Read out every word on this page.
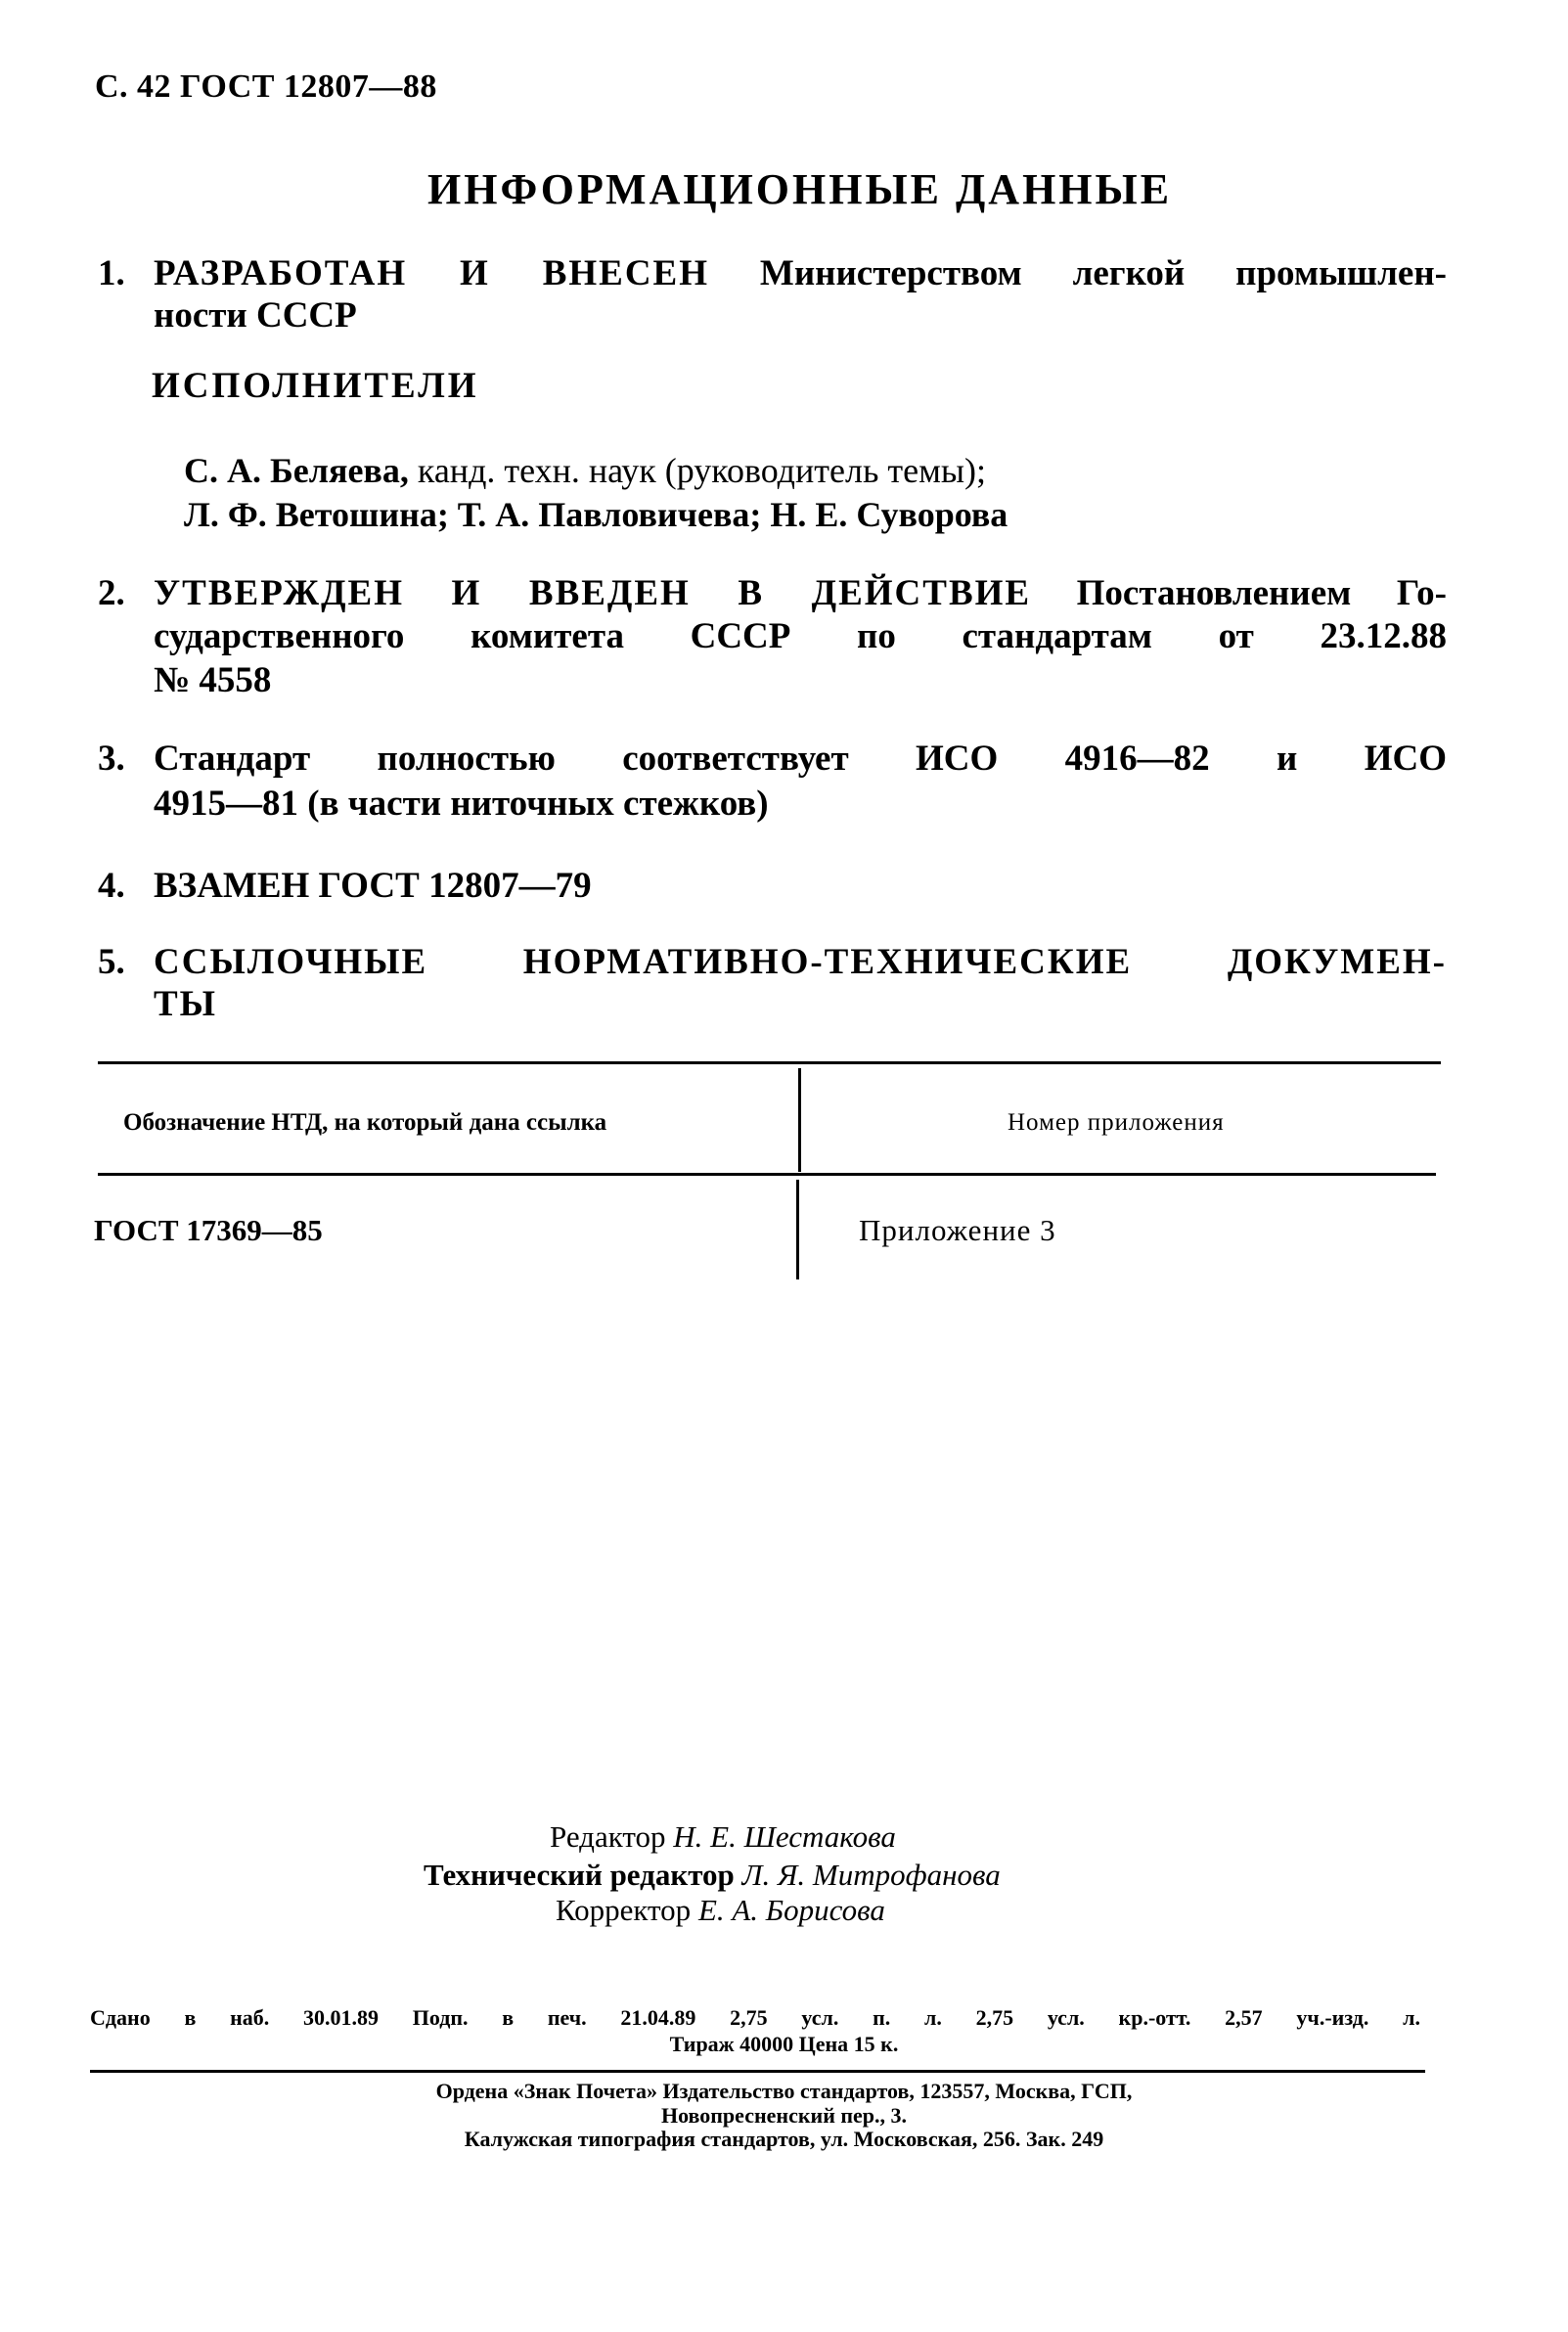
С. 42 ГОСТ 12807—88
ИНФОРМАЦИОННЫЕ ДАННЫЕ
1. РАЗРАБОТАН И ВНЕСЕН Министерством легкой промышлен-
ности СССР
ИСПОЛНИТЕЛИ
С. А. Беляева, канд. техн. наук (руководитель темы);
Л. Ф. Ветошина; Т. А. Павловичева; Н. Е. Суворова
2. УТВЕРЖДЕН И ВВЕДЕН В ДЕЙСТВИЕ Постановлением Го-
сударственного комитета СССР по стандартам от 23.12.88
№ 4558
3. Стандарт полностью соответствует ИСО 4916—82 и ИСО
4915—81 (в части ниточных стежков)
4. ВЗАМЕН ГОСТ 12807—79
5. ССЫЛОЧНЫЕ НОРМАТИВНО-ТЕХНИЧЕСКИЕ ДОКУМЕН-
ТЫ
Обозначение НТД, на который дана ссылка	Номер приложения
ГОСТ 17369—85	Приложение 3
Редактор Н. Е. Шестакова
Технический редактор Л. Я. Митрофанова
Корректор Е. А. Борисова
Сдано в наб. 30.01.89 Подп. в печ. 21.04.89 2,75 усл. п. л. 2,75 усл. кр.-отт. 2,57 уч.-изд. л.
Тираж 40000 Цена 15 к.
Ордена «Знак Почета» Издательство стандартов, 123557, Москва, ГСП,
Новопресненский пер., 3.
Калужская типография стандартов, ул. Московская, 256. Зак. 249
